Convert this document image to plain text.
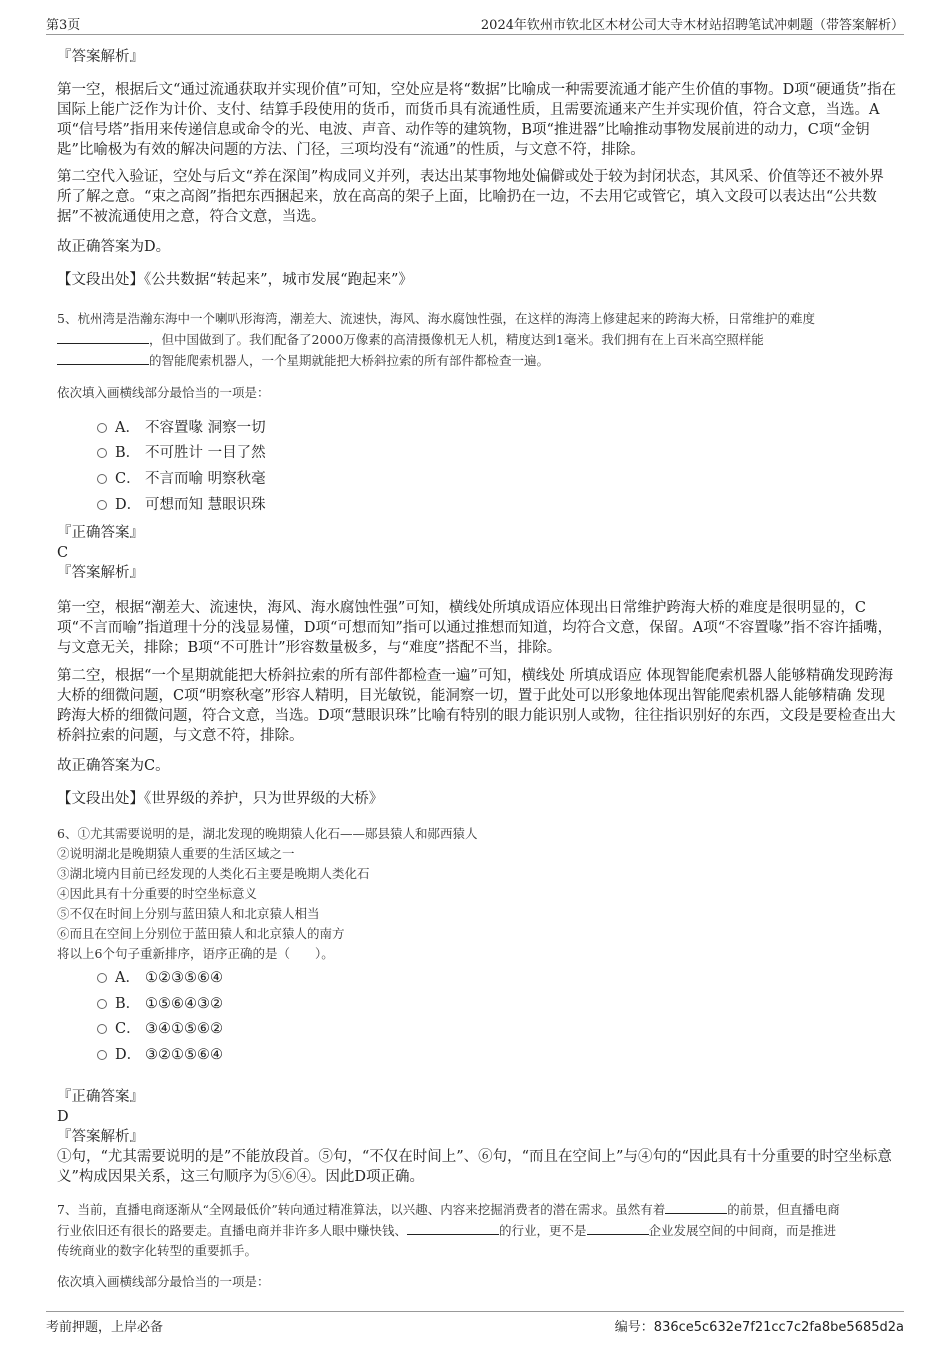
第3页	2024年钦州市钦北区木材公司大寺木材站招聘笔试冲刺题（带答案解析）

『答案解析』

第一空，根据后文“通过流通获取并实现价值”可知，空处应是将“数据”比喻成一种需要流通才能产生价值的事物。D项“硬通货”指在国际上能广泛作为计价、支付、结算手段使用的货币，而货币具有流通性质，且需要流通来产生并实现价值，符合文意，当选。A项“信号塔”指用来传递信息或命令的光、电波、声音、动作等的建筑物，B项“推进器”比喻推动事物发展前进的动力，C项“金钥匙”比喻极为有效的解决问题的方法、门径，三项均没有“流通”的性质，与文意不符，排除。

第二空代入验证，空处与后文“养在深闺”构成同义并列，表达出某事物地处偏僻或处于较为封闭状态，其风采、价值等还不被外界所了解之意。“束之高阁”指把东西捆起来，放在高高的架子上面，比喻扔在一边，不去用它或管它，填入文段可以表达出“公共数据”不被流通使用之意，符合文意，当选。

故正确答案为D。

【文段出处】《公共数据“转起来”，城市发展“跑起来”》

5、杭州湾是浩瀚东海中一个喇叭形海湾，潮差大、流速快，海风、海水腐蚀性强，在这样的海湾上修建起来的跨海大桥，日常维护的难度

，但中国做到了。我们配备了2000万像素的高清摄像机无人机，精度达到1毫米。我们拥有在上百米高空照样能

的智能爬索机器人，一个星期就能把大桥斜拉索的所有部件都检查一遍。

依次填入画横线部分最恰当的一项是：

A． 不容置喙 洞察一切
B． 不可胜计 一目了然
C． 不言而喻 明察秋毫
D． 可想而知 慧眼识珠

『正确答案』

C

『答案解析』

第一空，根据“潮差大、流速快，海风、海水腐蚀性强”可知，横线处所填成语应体现出日常维护跨海大桥的难度是很明显的，C项“不言而喻”指道理十分的浅显易懂，D项“可想而知”指可以通过推想而知道，均符合文意，保留。A项“不容置喙”指不容许插嘴，与文意无关，排除；B项“不可胜计”形容数量极多，与“难度”搭配不当，排除。

第二空，根据“一个星期就能把大桥斜拉索的所有部件都检查一遍”可知，横线处 所填成语应 体现智能爬索机器人能够精确发现跨海大桥的细微问题，C项“明察秋毫”形容人精明，目光敏锐，能洞察一切，置于此处可以形象地体现出智能爬索机器人能够精确 发现跨海大桥的细微问题，符合文意，当选。D项“慧眼识珠”比喻有特别的眼力能识别人或物，往往指识别好的东西，文段是要检查出大桥斜拉索的问题，与文意不符，排除。

故正确答案为C。

【文段出处】《世界级的养护，只为世界级的大桥》

6、①尤其需要说明的是，湖北发现的晚期猿人化石——郧县猿人和郧西猿人

②说明湖北是晚期猿人重要的生活区域之一

③湖北境内目前已经发现的人类化石主要是晚期人类化石

④因此具有十分重要的时空坐标意义

⑤不仅在时间上分别与蓝田猿人和北京猿人相当

⑥而且在空间上分别位于蓝田猿人和北京猿人的南方

将以上6个句子重新排序，语序正确的是（　　）。

A． ①②③⑤⑥④
B． ①⑤⑥④③②
C． ③④①⑤⑥②
D． ③②①⑤⑥④

『正确答案』

D

『答案解析』

①句，“尤其需要说明的是”不能放段首。⑤句，“不仅在时间上”、⑥句，“而且在空间上”与④句的“因此具有十分重要的时空坐标意义”构成因果关系，这三句顺序为⑤⑥④。因此D项正确。

7、当前，直播电商逐渐从“全网最低价”转向通过精准算法，以兴趣、内容来挖掘消费者的潜在需求。虽然有着	的前景，但直播电商

行业依旧还有很长的路要走。直播电商并非许多人眼中赚快钱、	的行业，更不是	企业发展空间的中间商，而是推进

传统商业的数字化转型的重要抓手。

依次填入画横线部分最恰当的一项是：

考前押题，上岸必备	编号：836ce5c632e7f21cc7c2fa8be5685d2a
